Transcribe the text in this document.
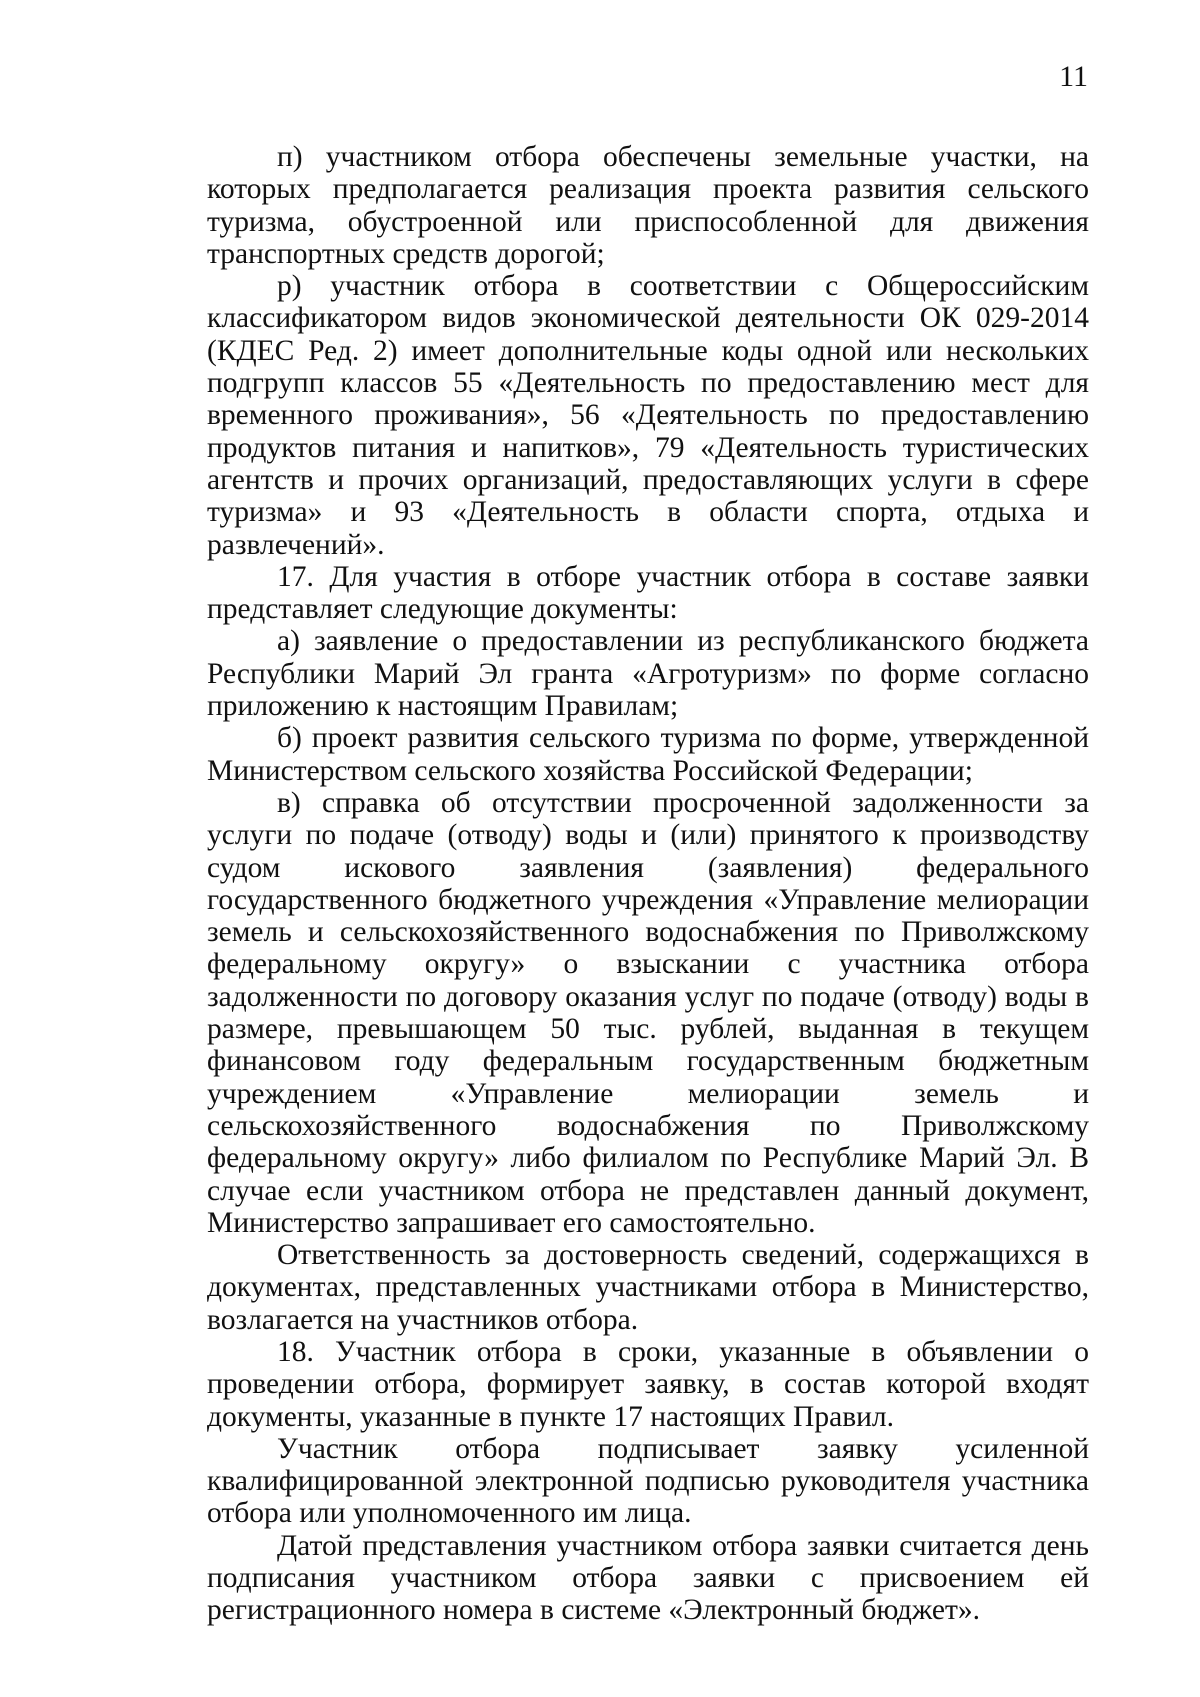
11

п) участником отбора обеспечены земельные участки, на которых предполагается реализация проекта развития сельского туризма, обустроенной или приспособленной для движения транспортных средств дорогой;

р) участник отбора в соответствии с Общероссийским классификатором видов экономической деятельности ОК 029-2014 (КДЕС Ред. 2) имеет дополнительные коды одной или нескольких подгрупп классов 55 «Деятельность по предоставлению мест для временного проживания», 56 «Деятельность по предоставлению продуктов питания и напитков», 79 «Деятельность туристических агентств и прочих организаций, предоставляющих услуги в сфере туризма» и 93 «Деятельность в области спорта, отдыха и развлечений».

17. Для участия в отборе участник отбора в составе заявки представляет следующие документы:

а) заявление о предоставлении из республиканского бюджета Республики Марий Эл гранта «Агротуризм» по форме согласно приложению к настоящим Правилам;

б) проект развития сельского туризма по форме, утвержденной Министерством сельского хозяйства Российской Федерации;

в) справка об отсутствии просроченной задолженности за услуги по подаче (отводу) воды и (или) принятого к производству судом искового заявления (заявления) федерального государственного бюджетного учреждения «Управление мелиорации земель и сельскохозяйственного водоснабжения по Приволжскому федеральному округу» о взыскании с участника отбора задолженности по договору оказания услуг по подаче (отводу) воды в размере, превышающем 50 тыс. рублей, выданная в текущем финансовом году федеральным государственным бюджетным учреждением «Управление мелиорации земель и сельскохозяйственного водоснабжения по Приволжскому федеральному округу» либо филиалом по Республике Марий Эл. В случае если участником отбора не представлен данный документ, Министерство запрашивает его самостоятельно.

Ответственность за достоверность сведений, содержащихся в документах, представленных участниками отбора в Министерство, возлагается на участников отбора.

18. Участник отбора в сроки, указанные в объявлении о проведении отбора, формирует заявку, в состав которой входят документы, указанные в пункте 17 настоящих Правил.

Участник отбора подписывает заявку усиленной квалифицированной электронной подписью руководителя участника отбора или уполномоченного им лица.

Датой представления участником отбора заявки считается день подписания участником отбора заявки с присвоением ей регистрационного номера в системе «Электронный бюджет».
